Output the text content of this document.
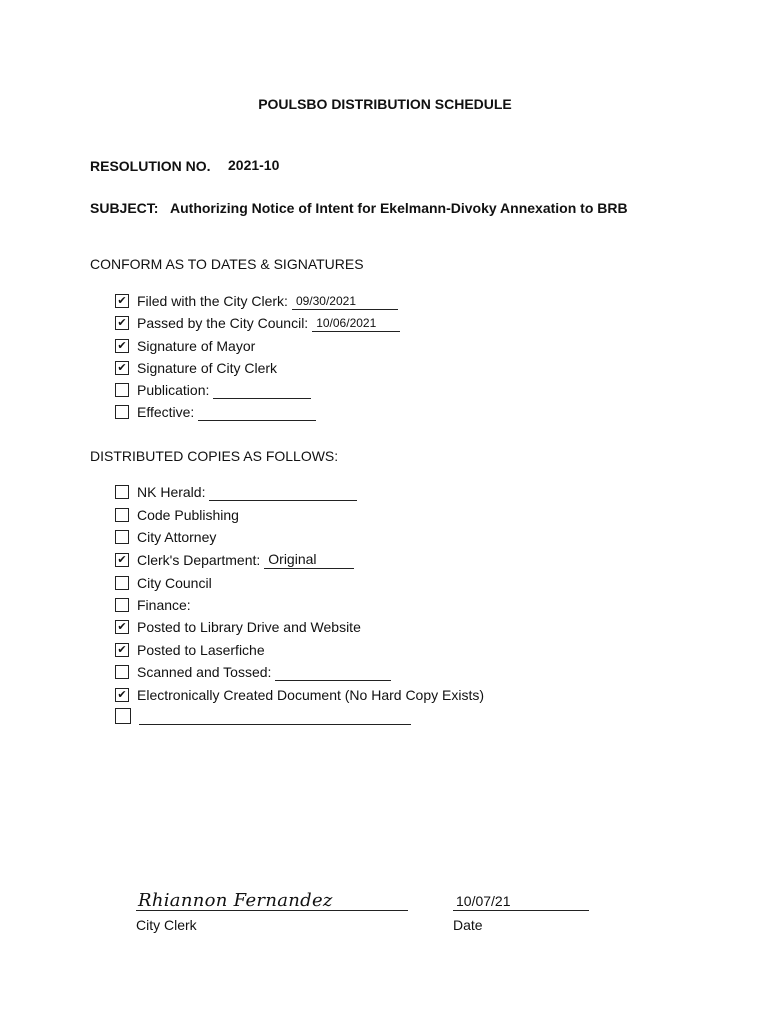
POULSBO DISTRIBUTION SCHEDULE
RESOLUTION NO. 2021-10
SUBJECT: Authorizing Notice of Intent for Ekelmann-Divoky Annexation to BRB
CONFORM AS TO DATES & SIGNATURES
✔ Filed with the City Clerk: 09/30/2021
✔ Passed by the City Council: 10/06/2021
✔ Signature of Mayor
✔ Signature of City Clerk
Publication:
Effective:
DISTRIBUTED COPIES AS FOLLOWS:
NK Herald:
Code Publishing
City Attorney
✔ Clerk's Department: Original
City Council
Finance:
✔ Posted to Library Drive and Website
✔ Posted to Laserfiche
Scanned and Tossed:
✔ Electronically Created Document (No Hard Copy Exists)
Rhiannon Fernandez
City Clerk
10/07/21
Date
